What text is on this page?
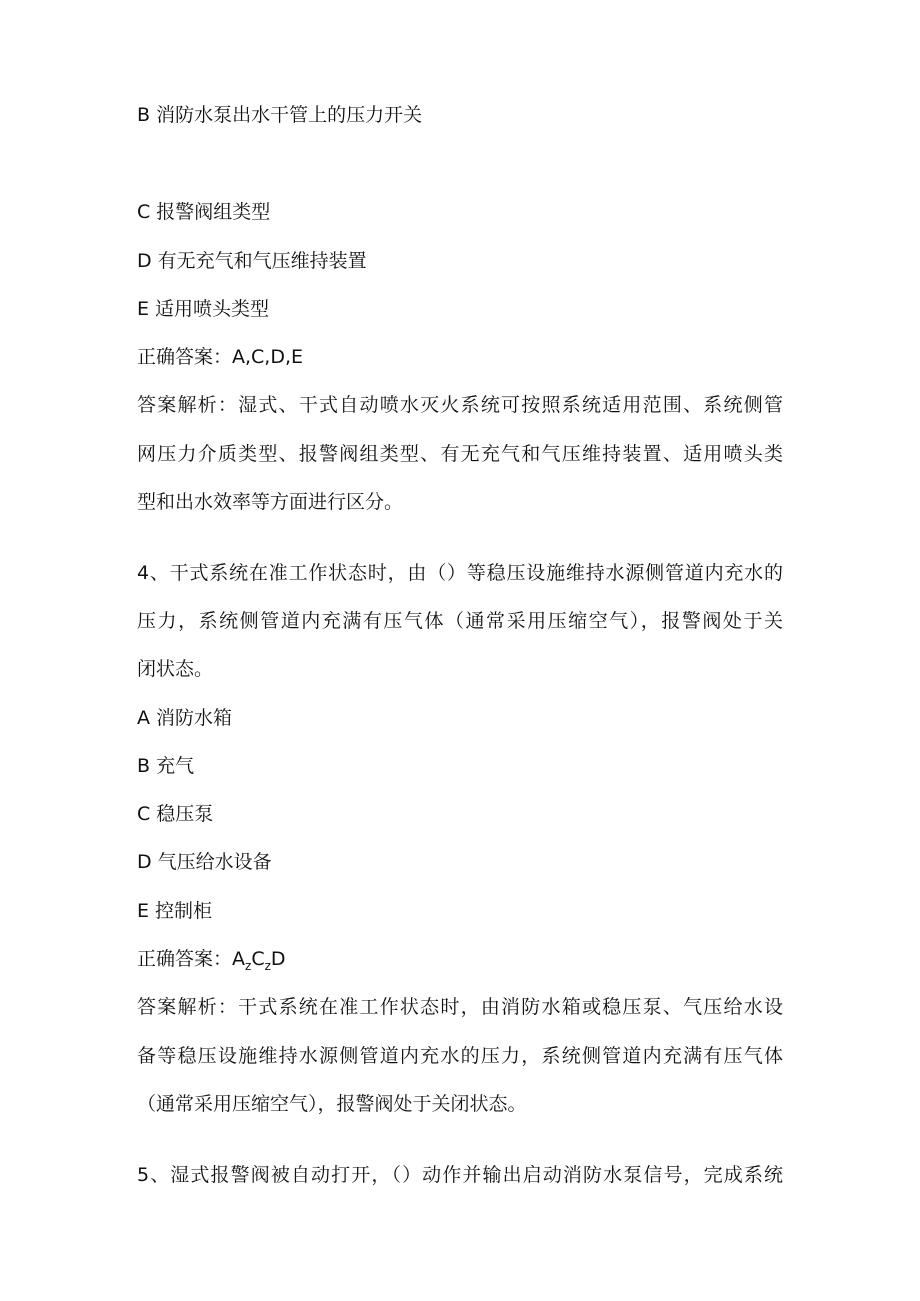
B 消防水泵出水干管上的压力开关
C 报警阀组类型
D 有无充气和气压维持装置
E 适用喷头类型
正确答案：A,C,D,E
答案解析：湿式、干式自动喷水灭火系统可按照系统适用范围、系统侧管
网压力介质类型、报警阀组类型、有无充气和气压维持装置、适用喷头类
型和出水效率等方面进行区分。
4、干式系统在准工作状态时，由（）等稳压设施维持水源侧管道内充水的
压力，系统侧管道内充满有压气体（通常采用压缩空气），报警阀处于关
闭状态。
A 消防水箱
B 充气
C 稳压泵
D 气压给水设备
E 控制柜
正确答案：$A_zC_zD$
答案解析：干式系统在准工作状态时，由消防水箱或稳压泵、气压给水设
备等稳压设施维持水源侧管道内充水的压力，系统侧管道内充满有压气体
（通常采用压缩空气），报警阀处于关闭状态。
5、湿式报警阀被自动打开，（）动作并输出启动消防水泵信号，完成系统
